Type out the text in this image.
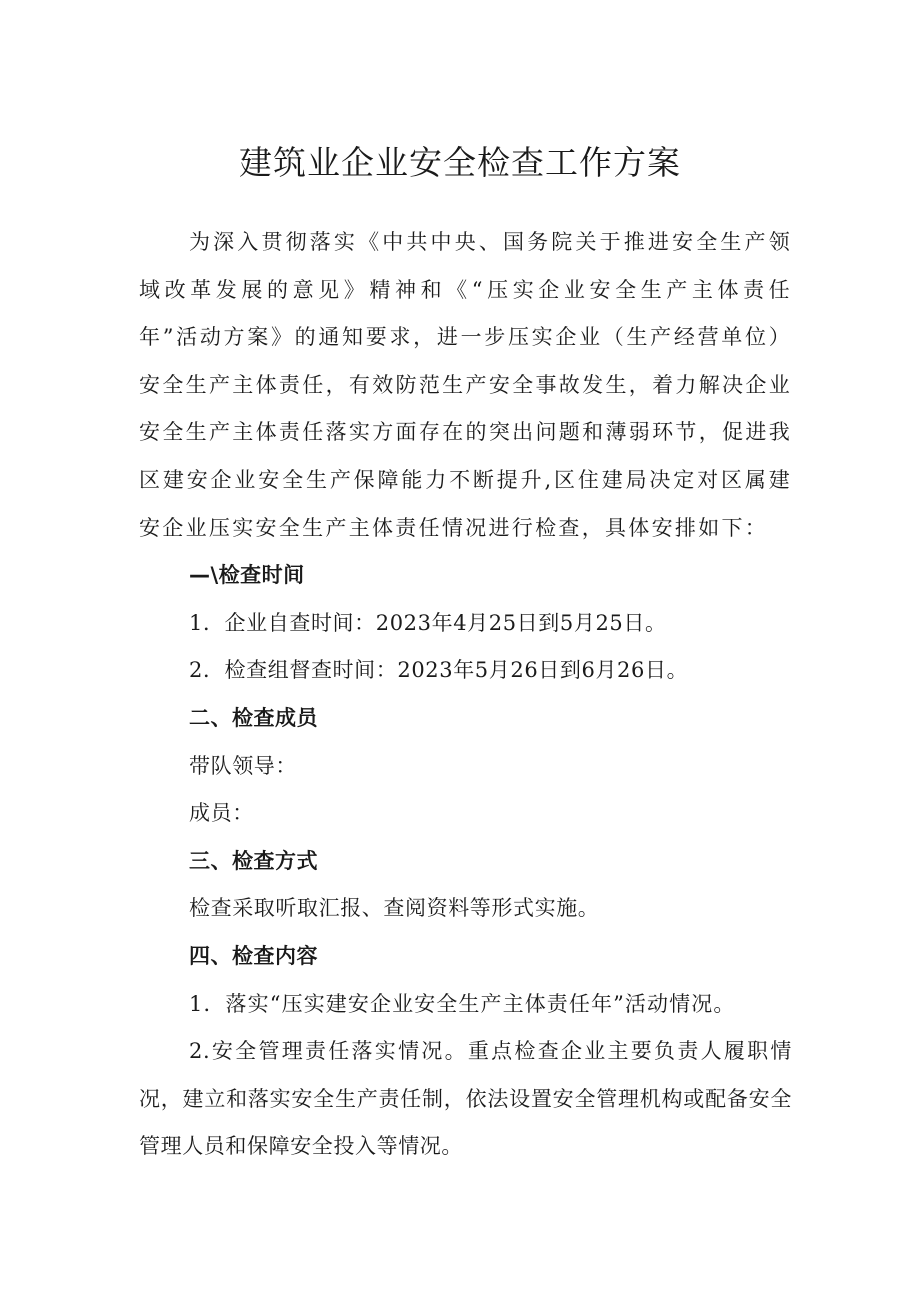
建筑业企业安全检查工作方案

为深入贯彻落实《中共中央、国务院关于推进安全生产领域改革发展的意见》精神和《“压实企业安全生产主体责任年”活动方案》的通知要求，进一步压实企业（生产经营单位）安全生产主体责任，有效防范生产安全事故发生，着力解决企业安全生产主体责任落实方面存在的突出问题和薄弱环节，促进我区建安企业安全生产保障能力不断提升,区住建局决定对区属建安企业压实安全生产主体责任情况进行检查，具体安排如下：

—\检查时间

1．企业自查时间：2023年4月25日到5月25日。

2．检查组督查时间：2023年5月26日到6月26日。

二、检查成员

带队领导：

成员：

三、检查方式

检查采取听取汇报、查阅资料等形式实施。

四、检查内容

1．落实“压实建安企业安全生产主体责任年”活动情况。

2.安全管理责任落实情况。重点检查企业主要负责人履职情况，建立和落实安全生产责任制，依法设置安全管理机构或配备安全管理人员和保障安全投入等情况。
